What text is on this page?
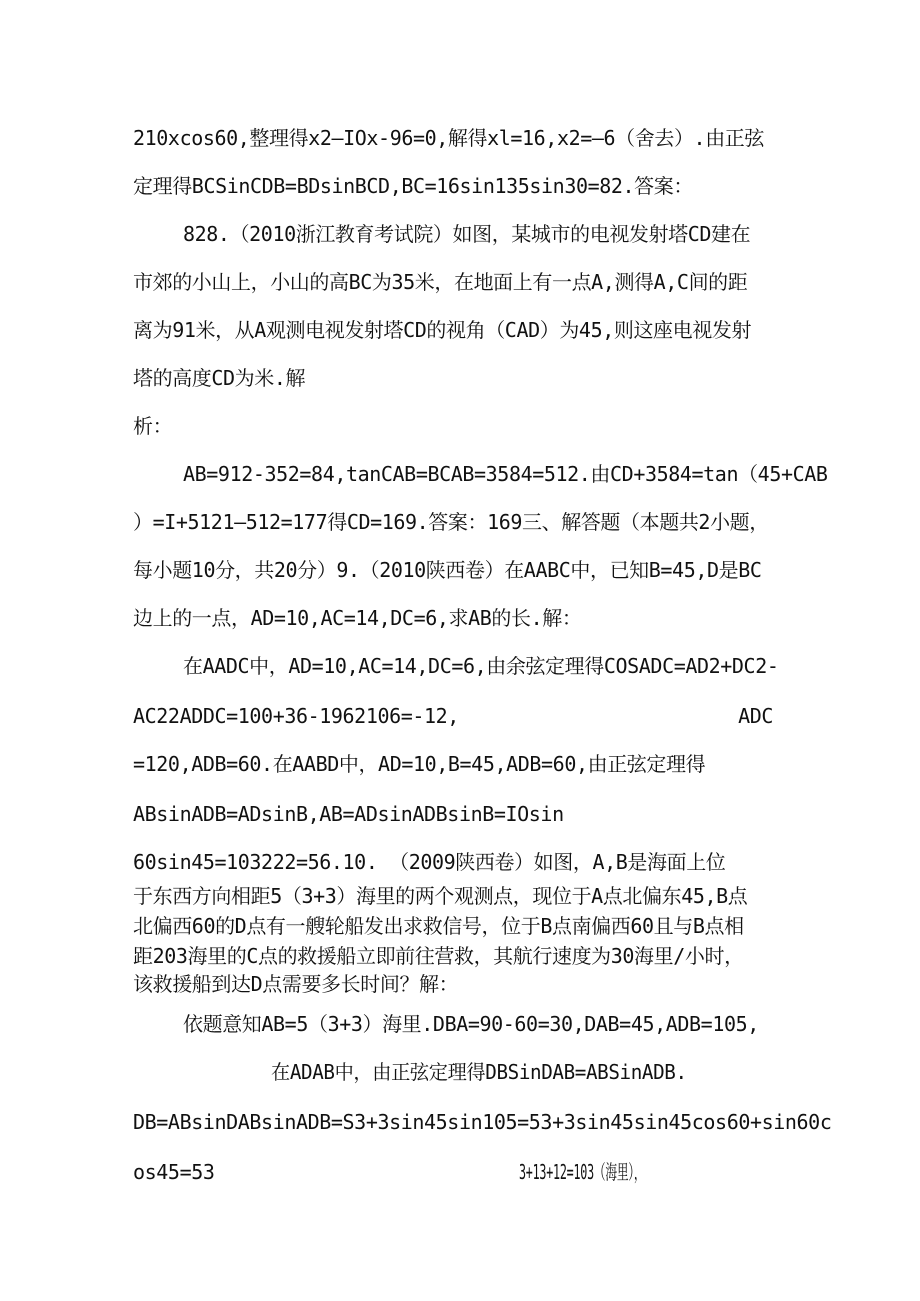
210xcos60,整理得x2—IOx-96=0,解得xl=16,x2=—6（舍去）.由正弦
定理得BCSinCDB=BDsinBCD,BC=16sin135sin30=82.答案：
828.（2010浙江教育考试院）如图，某城市的电视发射塔CD建在
市郊的小山上，小山的高BC为35米，在地面上有一点A,测得A,C间的距
离为91米，从A观测电视发射塔CD的视角（CAD）为45,则这座电视发射
塔的高度CD为米.解
析：
AB=912-352=84,tanCAB=BCAB=3584=512.由CD+3584=tan（45+CAB
）=I+5121—512=177得CD=169.答案：169三、解答题（本题共2小题，
每小题10分，共20分）9.（2010陕西卷）在AABC中，已知B=45,D是BC
边上的一点，AD=10,AC=14,DC=6,求AB的长.解：
在AADC中，AD=10,AC=14,DC=6,由余弦定理得COSADC=AD2+DC2-
AC22ADDC=100+36-1962106=-12,	ADC
=120,ADB=60.在AABD中，AD=10,B=45,ADB=60,由正弦定理得
ABsinADB=ADsinB,AB=ADsinADBsinB=IOsin
60sin45=103222=56.10. （2009陕西卷）如图，A,B是海面上位
于东西方向相距5（3+3）海里的两个观测点，现位于A点北偏东45,B点
北偏西60的D点有一艘轮船发出求救信号，位于B点南偏西60且与B点相
距203海里的C点的救援船立即前往营救，其航行速度为30海里/小时，
该救援船到达D点需要多长时间？解：
依题意知AB=5（3+3）海里.DBA=90-60=30,DAB=45,ADB=105,
在ADAB中，由正弦定理得DBSinDAB=ABSinADB.
DB=ABsinDABsinADB=S3+3sin45sin105=53+3sin45sin45cos60+sin60c
os45=53	3+13+12=103（海里），
